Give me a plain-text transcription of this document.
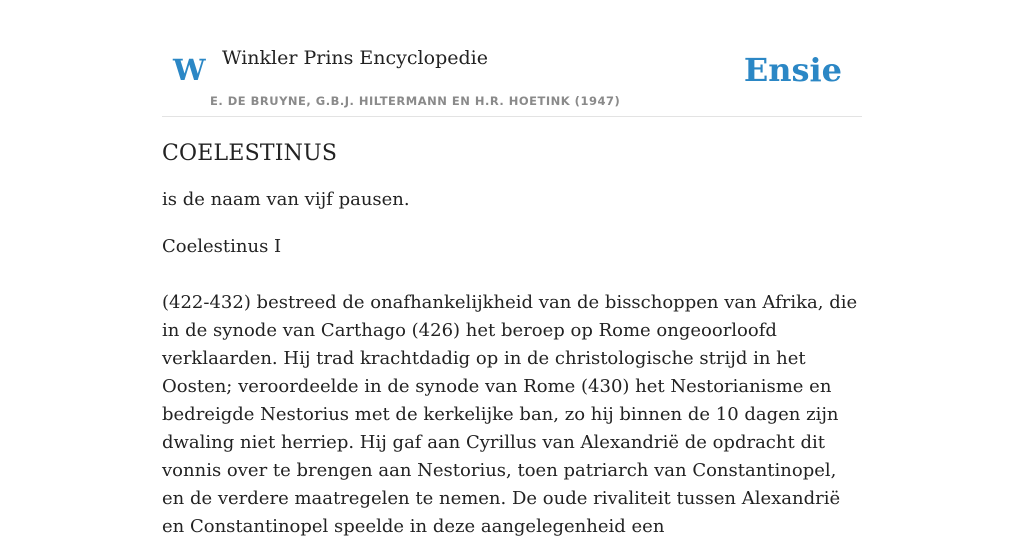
W Winkler Prins Encyclopedie
E. DE BRUYNE, G.B.J. HILTERMANN EN H.R. HOETINK (1947)
Ensie
COELESTINUS

is de naam van vijf pausen.

Coelestinus I

(422-432) bestreed de onafhankelijkheid van de bisschoppen van Afrika, die in de synode van Carthago (426) het beroep op Rome ongeoorloofd verklaarden. Hij trad krachtdadig op in de christologische strijd in het Oosten; veroordeelde in de synode van Rome (430) het Nestorianisme en bedreigde Nestorius met de kerkelijke ban, zo hij binnen de 10 dagen zijn dwaling niet herriep. Hij gaf aan Cyrillus van Alexandrië de opdracht dit vonnis over te brengen aan Nestorius, toen patriarch van Constantinopel, en de verdere maatregelen te nemen. De oude rivaliteit tussen Alexandrië en Constantinopel speelde in deze aangelegenheid een
